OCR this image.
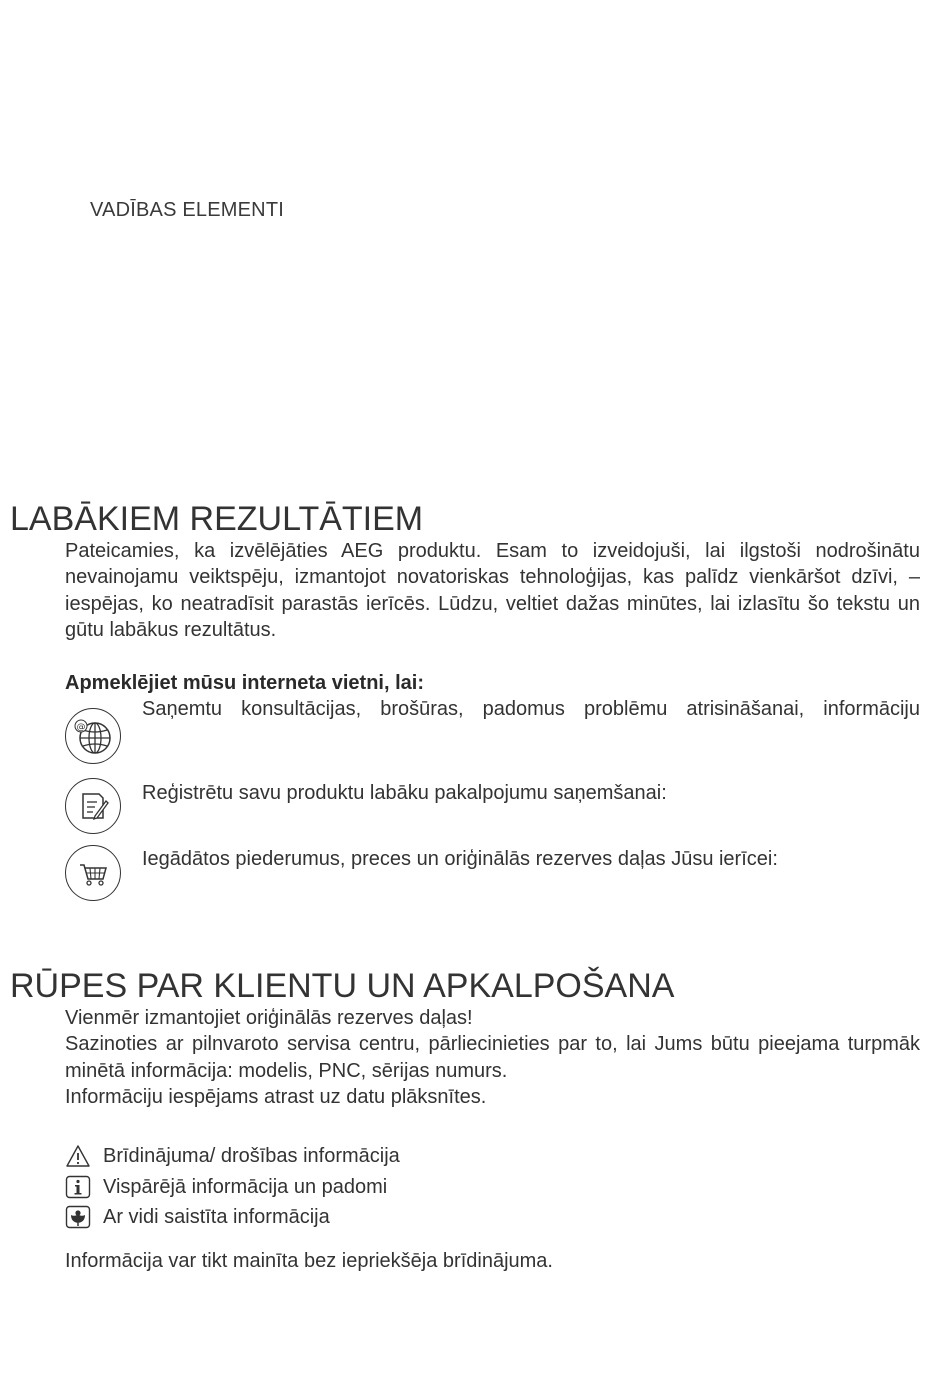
VADĪBAS ELEMENTI
LABĀKIEM REZULTĀTIEM
Pateicamies, ka izvēlējāties AEG produktu. Esam to izveidojuši, lai ilgstoši nodrošinātu nevainojamu veiktspēju, izmantojot novatoriskas tehnoloģijas, kas palīdz vienkāršot dzīvi, – iespējas, ko neatradīsit parastās ierīcēs. Lūdzu, veltiet dažas minūtes, lai izlasītu šo tekstu un gūtu labākus rezultātus.
Apmeklējiet mūsu interneta vietni, lai:
@
Saņemtu konsultācijas, brošūras, padomus problēmu atrisināšanai, informāciju
Reģistrētu savu produktu labāku pakalpojumu saņemšanai:
Iegādātos piederumus, preces un oriģinālās rezerves daļas Jūsu ierīcei:
RŪPES PAR KLIENTU UN APKALPOŠANA
Vienmēr izmantojiet oriģinālās rezerves daļas!
Sazinoties ar pilnvaroto servisa centru, pārliecinieties par to, lai Jums būtu pieejama turpmāk minētā informācija: modelis, PNC, sērijas numurs.
Informāciju iespējams atrast uz datu plāksnītes.
Brīdinājuma/ drošības informācija
Vispārējā informācija un padomi
Ar vidi saistīta informācija
Informācija var tikt mainīta bez iepriekšēja brīdinājuma.
